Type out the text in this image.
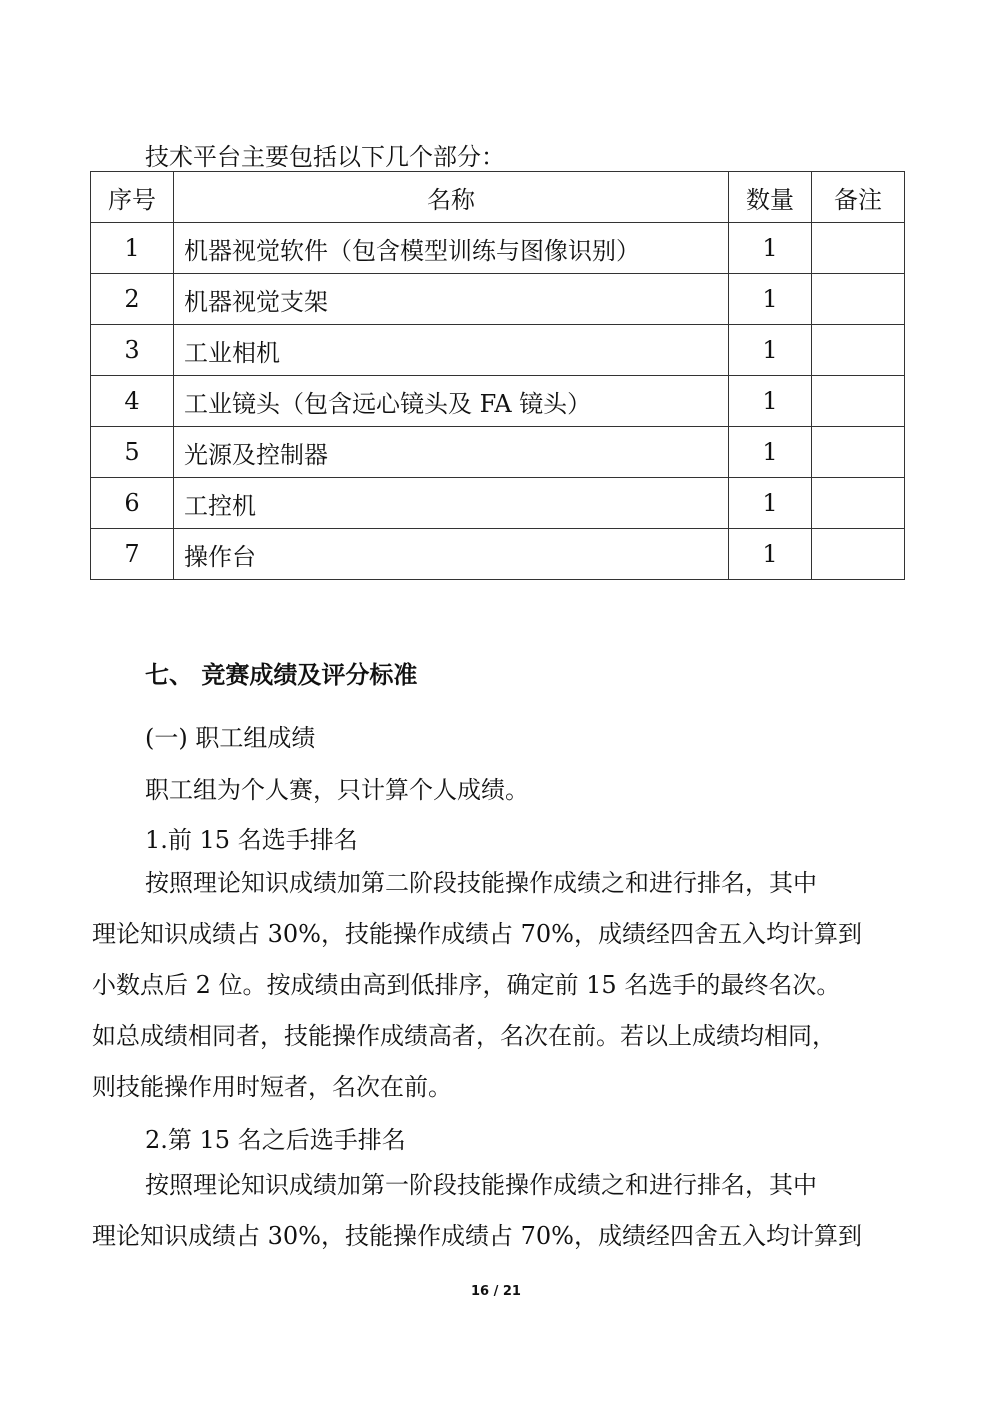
技术平台主要包括以下几个部分：
序号	名称	数量	备注
1	机器视觉软件（包含模型训练与图像识别）	1	
2	机器视觉支架	1	
3	工业相机	1	
4	工业镜头（包含远心镜头及 FA 镜头）	1	
5	光源及控制器	1	
6	工控机	1	
7	操作台	1	
七、 竞赛成绩及评分标准
(一) 职工组成绩
职工组为个人赛，只计算个人成绩。
1.前 15 名选手排名
按照理论知识成绩加第二阶段技能操作成绩之和进行排名，其中
理论知识成绩占 30%，技能操作成绩占 70%，成绩经四舍五入均计算到
小数点后 2 位。按成绩由高到低排序，确定前 15 名选手的最终名次。
如总成绩相同者，技能操作成绩高者，名次在前。若以上成绩均相同，
则技能操作用时短者，名次在前。
2.第 15 名之后选手排名
按照理论知识成绩加第一阶段技能操作成绩之和进行排名，其中
理论知识成绩占 30%，技能操作成绩占 70%，成绩经四舍五入均计算到
16 / 21
